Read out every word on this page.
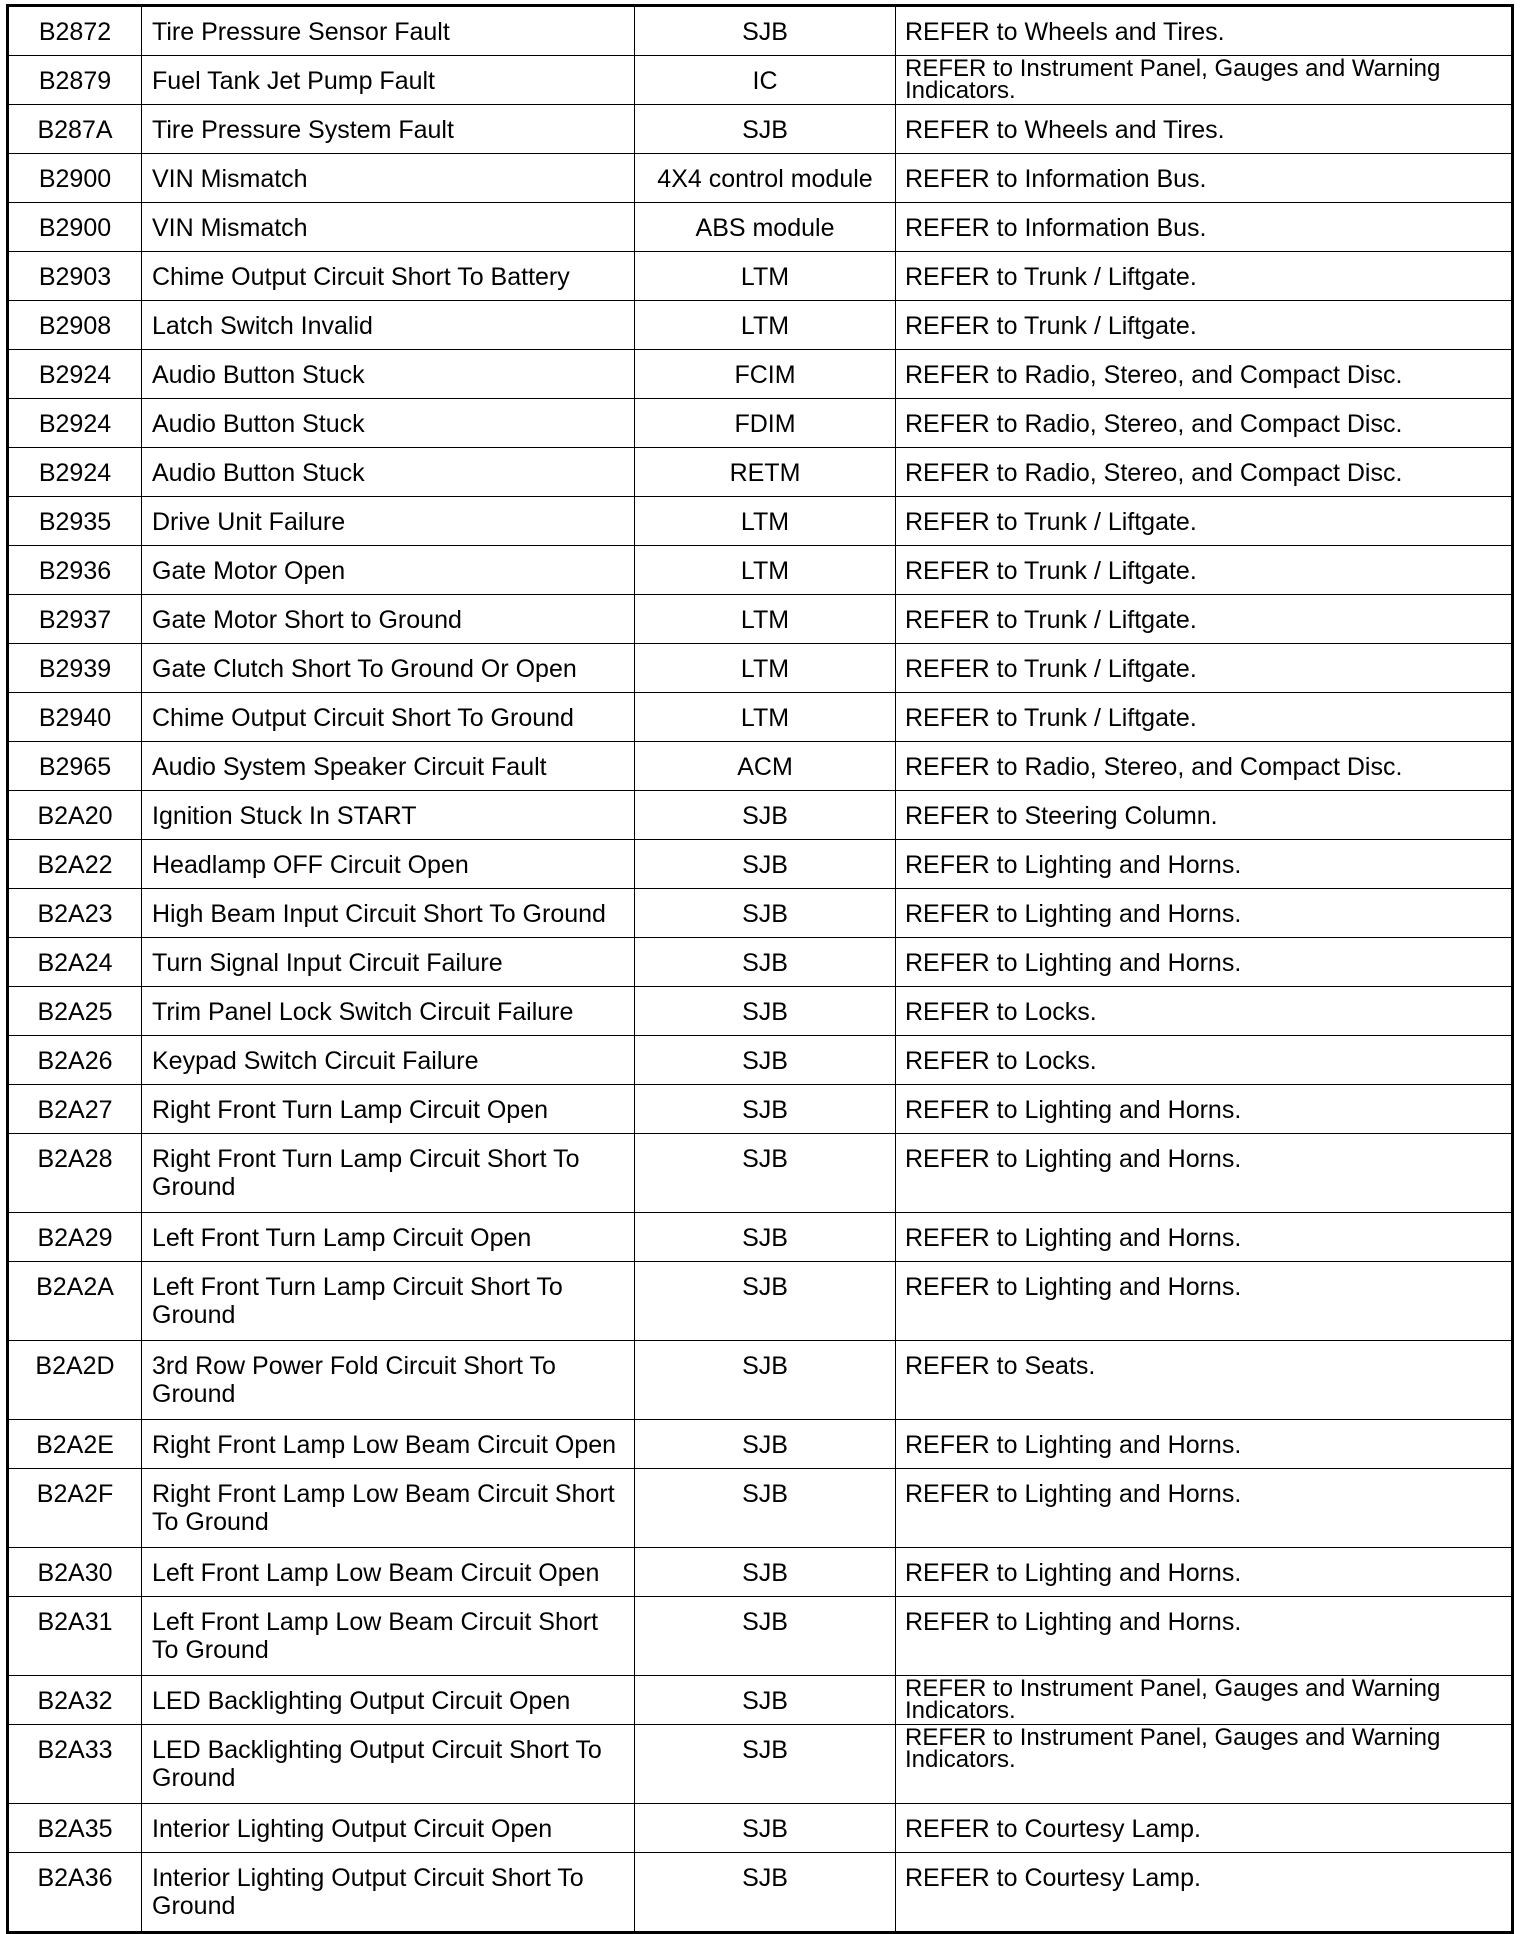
B2872	Tire Pressure Sensor Fault	SJB	REFER to Wheels and Tires.

B2879	Fuel Tank Jet Pump Fault	IC	REFER to Instrument Panel, Gauges and Warning Indicators.

B287A	Tire Pressure System Fault	SJB	REFER to Wheels and Tires.

B2900	VIN Mismatch	4X4 control module	REFER to Information Bus.

B2900	VIN Mismatch	ABS module	REFER to Information Bus.

B2903	Chime Output Circuit Short To Battery	LTM	REFER to Trunk / Liftgate.

B2908	Latch Switch Invalid	LTM	REFER to Trunk / Liftgate.

B2924	Audio Button Stuck	FCIM	REFER to Radio, Stereo, and Compact Disc.

B2924	Audio Button Stuck	FDIM	REFER to Radio, Stereo, and Compact Disc.

B2924	Audio Button Stuck	RETM	REFER to Radio, Stereo, and Compact Disc.

B2935	Drive Unit Failure	LTM	REFER to Trunk / Liftgate.

B2936	Gate Motor Open	LTM	REFER to Trunk / Liftgate.

B2937	Gate Motor Short to Ground	LTM	REFER to Trunk / Liftgate.

B2939	Gate Clutch Short To Ground Or Open	LTM	REFER to Trunk / Liftgate.

B2940	Chime Output Circuit Short To Ground	LTM	REFER to Trunk / Liftgate.

B2965	Audio System Speaker Circuit Fault	ACM	REFER to Radio, Stereo, and Compact Disc.

B2A20	Ignition Stuck In START	SJB	REFER to Steering Column.

B2A22	Headlamp OFF Circuit Open	SJB	REFER to Lighting and Horns.

B2A23	High Beam Input Circuit Short To Ground	SJB	REFER to Lighting and Horns.

B2A24	Turn Signal Input Circuit Failure	SJB	REFER to Lighting and Horns.

B2A25	Trim Panel Lock Switch Circuit Failure	SJB	REFER to Locks.

B2A26	Keypad Switch Circuit Failure	SJB	REFER to Locks.

B2A27	Right Front Turn Lamp Circuit Open	SJB	REFER to Lighting and Horns.

B2A28	Right Front Turn Lamp Circuit Short To
Ground	SJB	REFER to Lighting and Horns.

B2A29	Left Front Turn Lamp Circuit Open	SJB	REFER to Lighting and Horns.

B2A2A	Left Front Turn Lamp Circuit Short To
Ground	SJB	REFER to Lighting and Horns.

B2A2D	3rd Row Power Fold Circuit Short To
Ground	SJB	REFER to Seats.

B2A2E	Right Front Lamp Low Beam Circuit Open	SJB	REFER to Lighting and Horns.

B2A2F	Right Front Lamp Low Beam Circuit Short
To Ground	SJB	REFER to Lighting and Horns.

B2A30	Left Front Lamp Low Beam Circuit Open	SJB	REFER to Lighting and Horns.

B2A31	Left Front Lamp Low Beam Circuit Short
To Ground	SJB	REFER to Lighting and Horns.

B2A32	LED Backlighting Output Circuit Open	SJB	REFER to Instrument Panel, Gauges and Warning Indicators.

B2A33	LED Backlighting Output Circuit Short To
Ground	SJB	REFER to Instrument Panel, Gauges and Warning Indicators.

B2A35	Interior Lighting Output Circuit Open	SJB	REFER to Courtesy Lamp.

B2A36	Interior Lighting Output Circuit Short To
Ground	SJB	REFER to Courtesy Lamp.
